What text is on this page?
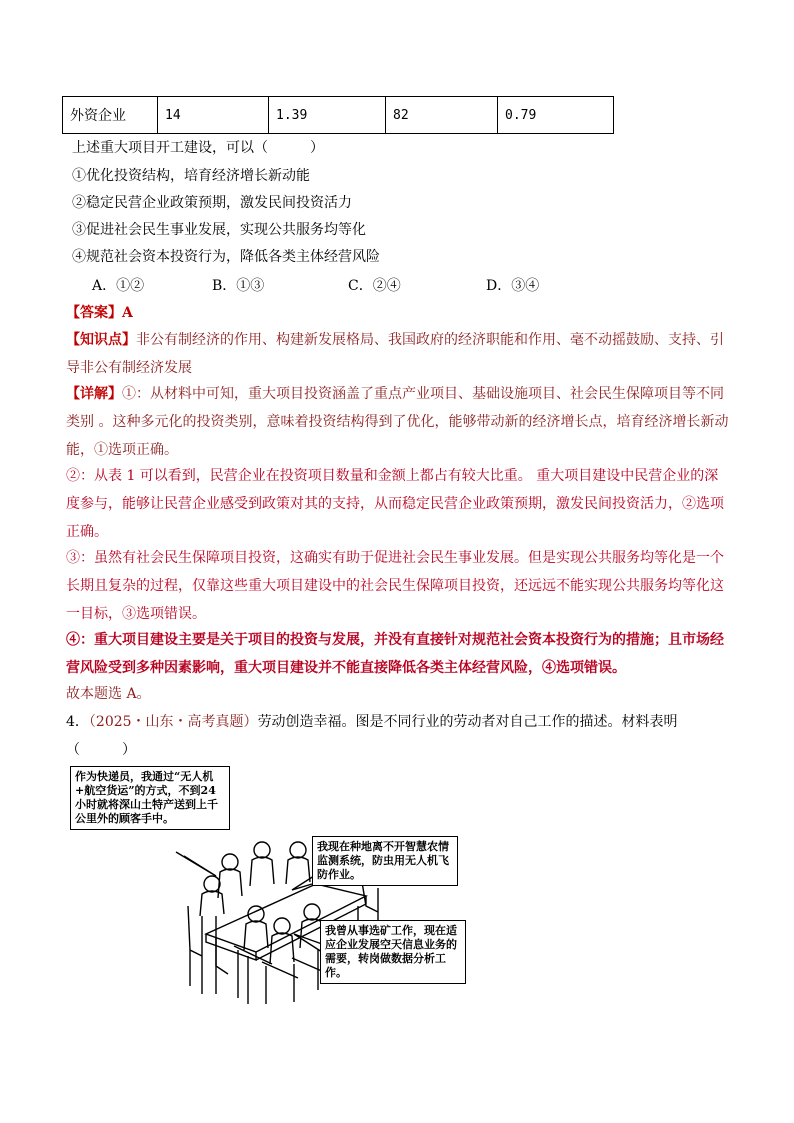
外资企业	14	1.39	82	0.79
上述重大项目开工建设，可以（　　　）
①优化投资结构，培育经济增长新动能
②稳定民营企业政策预期，激发民间投资活力
③促进社会民生事业发展，实现公共服务均等化
④规范社会资本投资行为，降低各类主体经营风险
A．①②	B．①③	C．②④	D．③④
【答案】A
【知识点】非公有制经济的作用、构建新发展格局、我国政府的经济职能和作用、毫不动摇鼓励、支持、引导非公有制经济发展
【详解】①：从材料中可知，重大项目投资涵盖了重点产业项目、基础设施项目、社会民生保障项目等不同类别 。这种多元化的投资类别，意味着投资结构得到了优化，能够带动新的经济增长点，培育经济增长新动能，①选项正确。
②：从表 1 可以看到，民营企业在投资项目数量和金额上都占有较大比重。 重大项目建设中民营企业的深度参与，能够让民营企业感受到政策对其的支持，从而稳定民营企业政策预期，激发民间投资活力，②选项正确。
③：虽然有社会民生保障项目投资，这确实有助于促进社会民生事业发展。但是实现公共服务均等化是一个长期且复杂的过程，仅靠这些重大项目建设中的社会民生保障项目投资，还远远不能实现公共服务均等化这一目标，③选项错误。
④：重大项目建设主要是关于项目的投资与发展，并没有直接针对规范社会资本投资行为的措施；且市场经营风险受到多种因素影响，重大项目建设并不能直接降低各类主体经营风险，④选项错误。
故本题选 A。
4．（2025・山东・高考真题）劳动创造幸福。图是不同行业的劳动者对自己工作的描述。材料表明
（　　　）
作为快递员，我通过“无人机+航空货运”的方式，不到24小时就将深山土特产送到上千公里外的顾客手中。
我现在种地离不开智慧农情监测系统，防虫用无人机飞防作业。
我曾从事选矿工作，现在适应企业发展空天信息业务的需要，转岗做数据分析工作。
